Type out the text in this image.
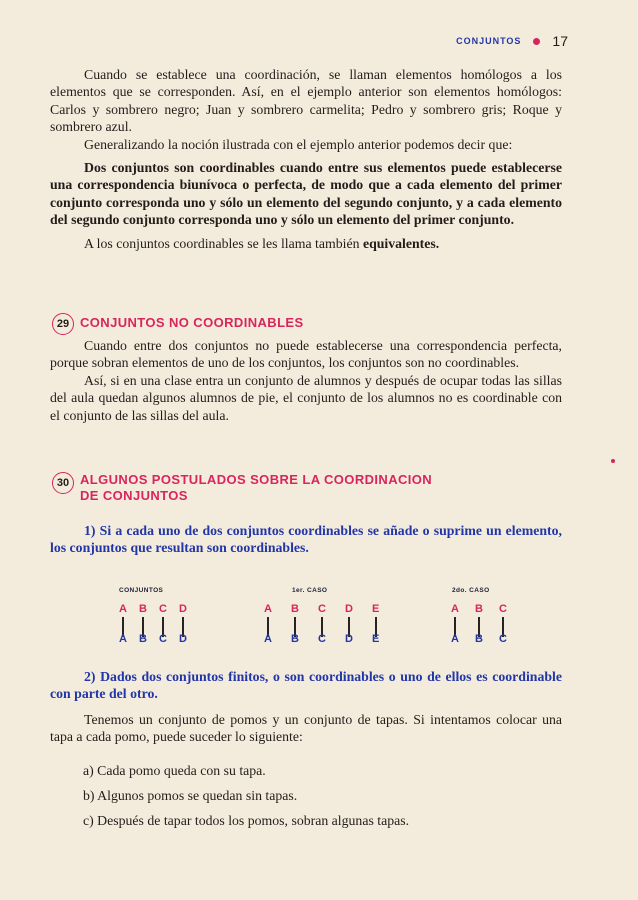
CONJUNTOS 17

Cuando se establece una coordinación, se llaman elementos homólogos a los elementos que se corresponden. Así, en el ejemplo anterior son elementos homólogos: Carlos y sombrero negro; Juan y sombrero carmelita; Pedro y sombrero gris; Roque y sombrero azul.

Generalizando la noción ilustrada con el ejemplo anterior podemos decir que:

Dos conjuntos son coordinables cuando entre sus elementos puede establecerse una correspondencia biunívoca o perfecta, de modo que a cada elemento del primer conjunto corresponda uno y sólo un elemento del segundo conjunto, y a cada elemento del segundo conjunto corresponda uno y sólo un elemento del primer conjunto.

A los conjuntos coordinables se les llama también equivalentes.

29 CONJUNTOS NO COORDINABLES

Cuando entre dos conjuntos no puede establecerse una correspondencia perfecta, porque sobran elementos de uno de los conjuntos, los conjuntos son no coordinables.

Así, si en una clase entra un conjunto de alumnos y después de ocupar todas las sillas del aula quedan algunos alumnos de pie, el conjunto de los alumnos no es coordinable con el conjunto de las sillas del aula.

30 ALGUNOS POSTULADOS SOBRE LA COORDINACION
DE CONJUNTOS

1) Si a cada uno de dos conjuntos coordinables se añade o suprime un elemento, los conjuntos que resultan son coordinables.

CONJUNTOS	1er. CASO	2do. CASO
A B C D
A B C D
A B C D E
A B C D E
A B C
A B C

2) Dados dos conjuntos finitos, o son coordinables o uno de ellos es coordinable con parte del otro.

Tenemos un conjunto de pomos y un conjunto de tapas. Si intentamos colocar una tapa a cada pomo, puede suceder lo siguiente:

a) Cada pomo queda con su tapa.
b) Algunos pomos se quedan sin tapas.
c) Después de tapar todos los pomos, sobran algunas tapas.
